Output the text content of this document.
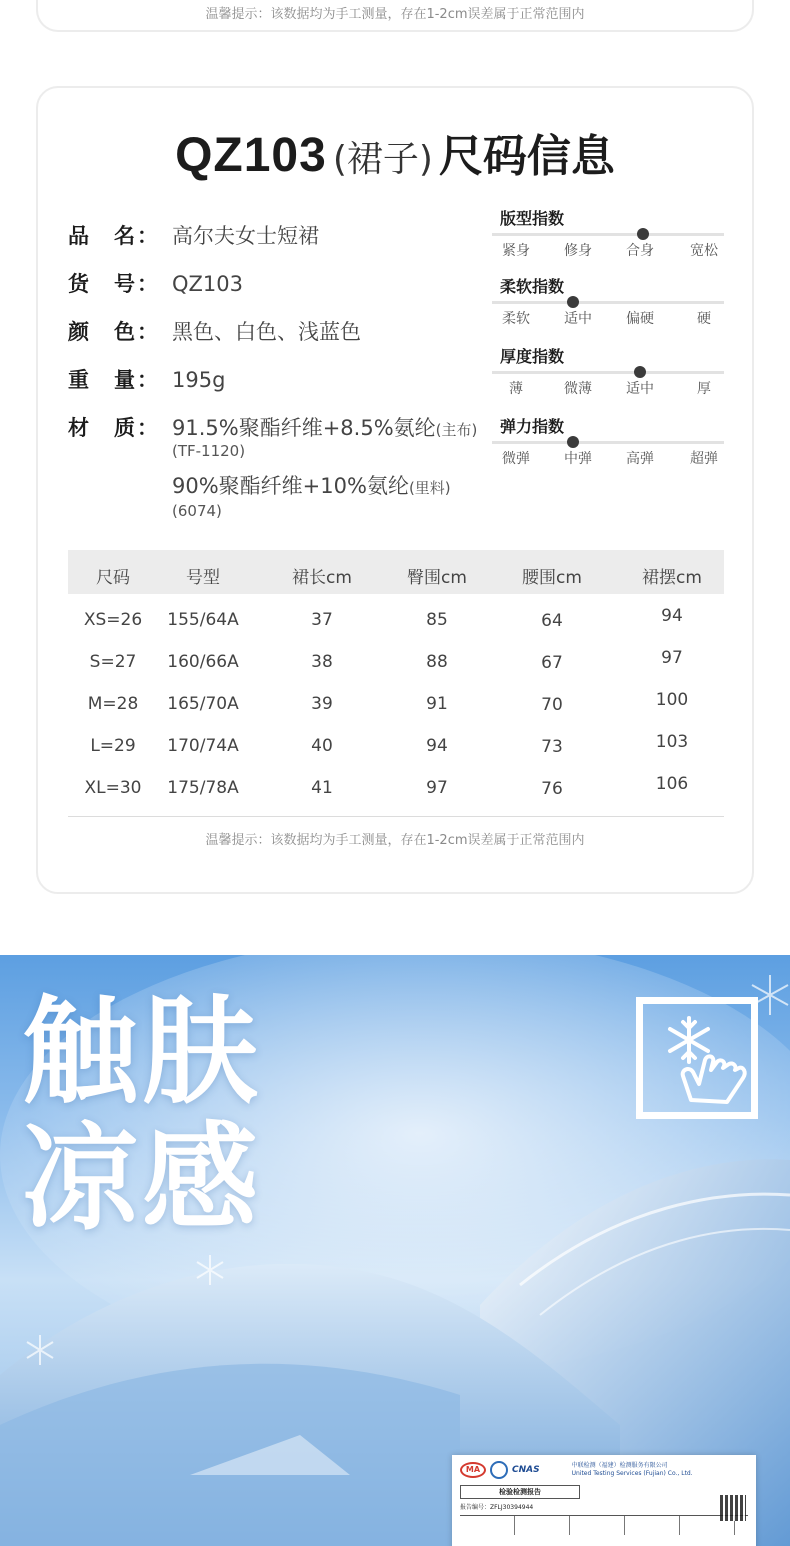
温馨提示：该数据均为手工测量，存在1-2cm误差属于正常范围内
QZ103 (裙子) 尺码信息
品　名： 高尔夫女士短裙
货　号： QZ103
颜　色： 黑色、白色、浅蓝色
重　量： 195g
材　质： 91.5%聚酯纤维+8.5%氨纶 (主布)
(TF-1120)
90%聚酯纤维+10%氨纶 (里料)
(6074)
版型指数
紧身 修身 合身	宽松
柔软指数
柔软 适中 偏硬	硬
厚度指数
薄	微薄 适中	厚
弹力指数
微弹 中弹 高弹	超弹
尺码	号型	裙长cm	臀围cm	腰围cm	裙摆cm
XS=26 155/64A	37	85	64	94
S=27 160/66A	38	88	67	97
M=28 165/70A	39	91	70	100
L=29 170/74A	40	94	73	103
XL=30 175/78A	41	97	76	106
温馨提示：该数据均为手工测量，存在1-2cm误差属于正常范围内
触肤
凉感
MA	CNAS	中联检测（福建）检测服务有限公司
United Testing Services (Fujian) Co., Ltd.
检验检测报告
报告编号：ZFLJ30394944
